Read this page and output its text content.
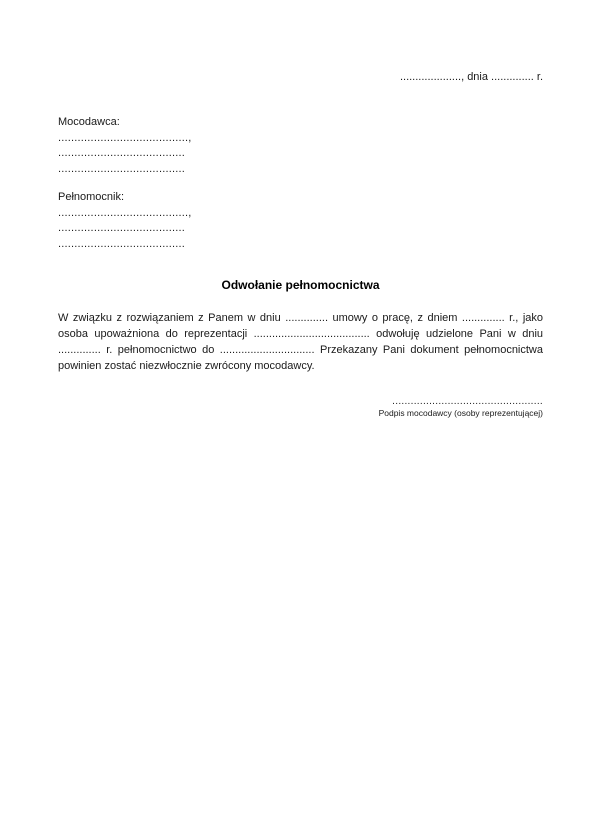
...................., dnia .............. r.
Mocodawca:
........................................,
.......................................
.......................................
Pełnomocnik:
........................................,
.......................................
.......................................
Odwołanie pełnomocnictwa
W związku z rozwiązaniem z Panem w dniu .............. umowy o pracę, z dniem .............. r., jako osoba upoważniona do reprezentacji ...................................... odwołuję udzielone Pani w dniu .............. r. pełnomocnictwo do ............................... Przekazany Pani dokument pełnomocnictwa powinien zostać niezwłocznie zwrócony mocodawcy.
.................................................
Podpis mocodawcy (osoby reprezentującej)
